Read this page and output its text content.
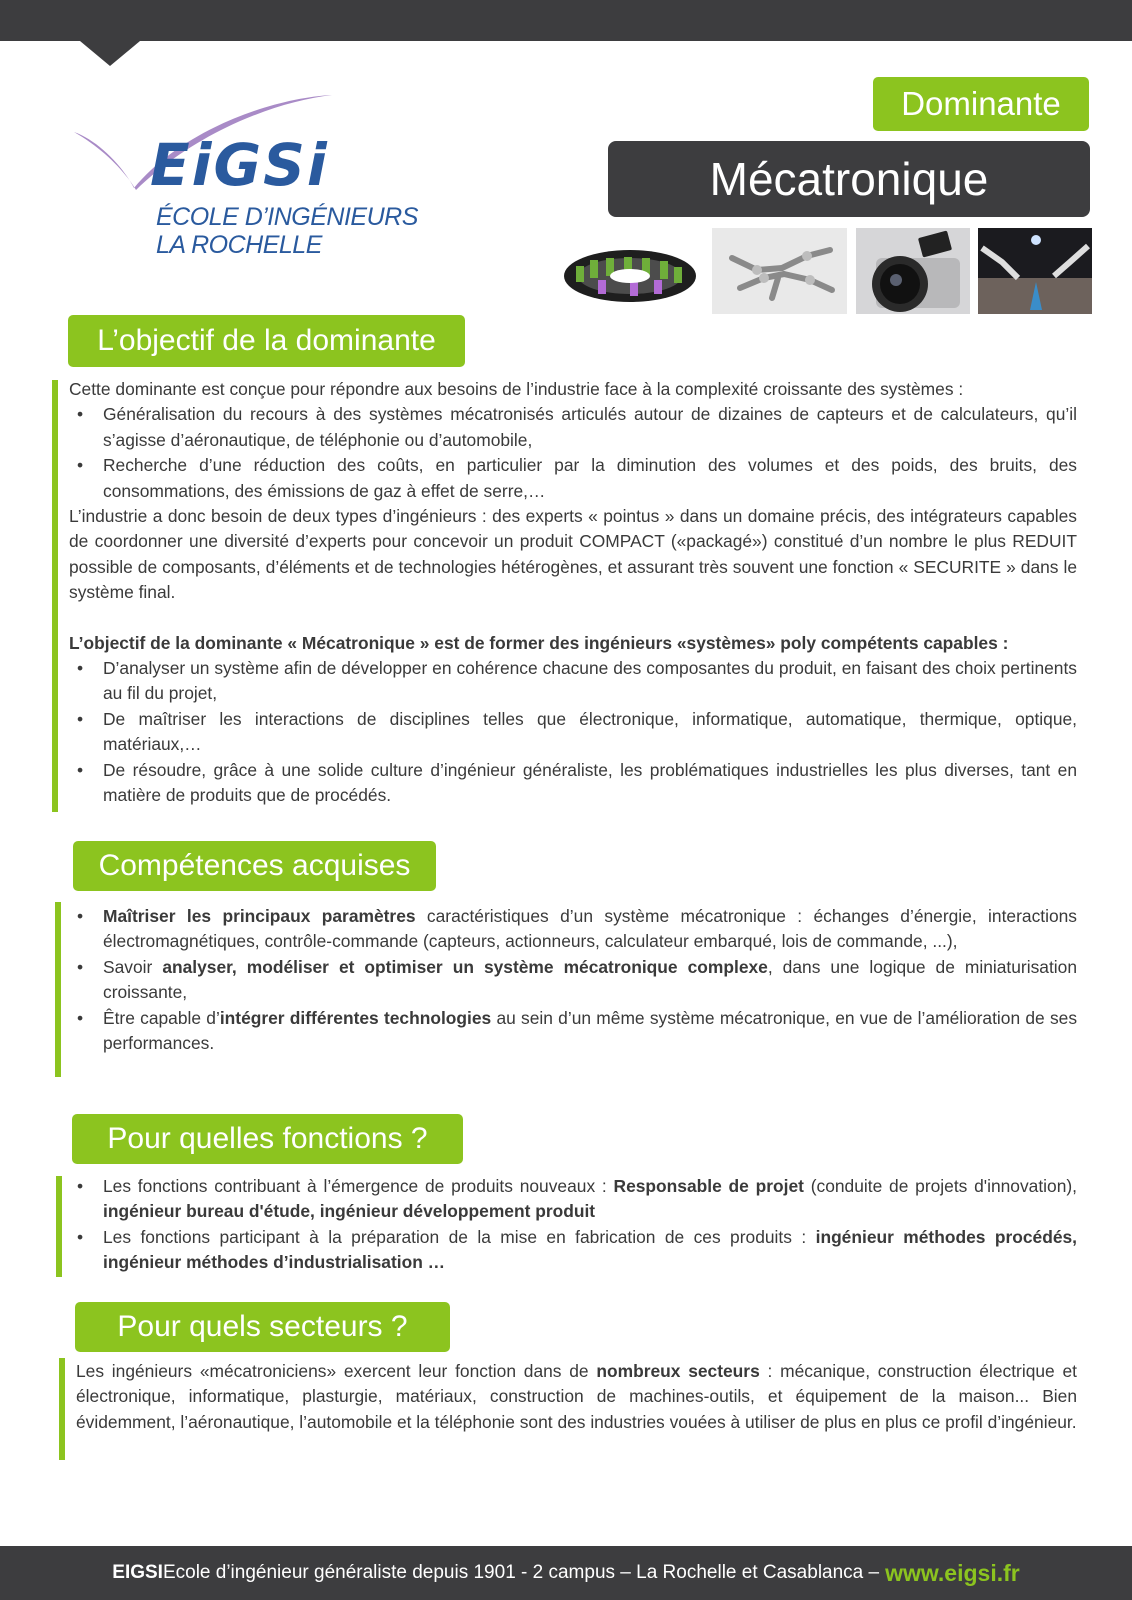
EiGSi
ÉCOLE D’INGÉNIEURS
LA ROCHELLE
Dominante
Mécatronique
L’objectif de la dominante

Cette dominante est conçue pour répondre aux besoins de l’industrie face à la complexité croissante des systèmes :

• Généralisation du recours à des systèmes mécatronisés articulés autour de dizaines de capteurs et de calculateurs, qu’il s’agisse d’aéronautique, de téléphonie ou d’automobile,
• Recherche d’une réduction des coûts, en particulier par la diminution des volumes et des poids, des bruits, des consommations, des émissions de gaz à effet de serre,…

L’industrie a donc besoin de deux types d’ingénieurs : des experts « pointus » dans un domaine précis, des intégrateurs capables de coordonner une diversité d’experts pour concevoir un produit COMPACT («packagé») constitué d’un nombre le plus REDUIT possible de composants, d’éléments et de technologies hétérogènes, et assurant très souvent une fonction « SECURITE » dans le système final.

L’objectif de la dominante « Mécatronique » est de former des ingénieurs «systèmes» poly compétents capables :

• D’analyser un système afin de développer en cohérence chacune des composantes du produit, en faisant des choix pertinents au fil du projet,
• De maîtriser les interactions de disciplines telles que électronique, informatique, automatique, thermique, optique, matériaux,…
• De résoudre, grâce à une solide culture d’ingénieur généraliste, les problématiques industrielles les plus diverses, tant en matière de produits que de procédés.
Compétences acquises
• Maîtriser les principaux paramètres caractéristiques d’un système mécatronique : échanges d’énergie, interactions électromagnétiques, contrôle-commande (capteurs, actionneurs, calculateur embarqué, lois de commande, ...),
• Savoir analyser, modéliser et optimiser un système mécatronique complexe, dans une logique de miniaturisation croissante,
• Être capable d’intégrer différentes technologies au sein d’un même système mécatronique, en vue de l’amélioration de ses performances.
Pour quelles fonctions ?
• Les fonctions contribuant à l’émergence de produits nouveaux : Responsable de projet (conduite de projets d'innovation), ingénieur bureau d'étude, ingénieur développement produit
• Les fonctions participant à la préparation de la mise en fabrication de ces produits : ingénieur méthodes procédés, ingénieur méthodes d’industrialisation …
Pour quels secteurs ?

Les ingénieurs «mécatroniciens» exercent leur fonction dans de nombreux secteurs : mécanique, construction électrique et électronique, informatique, plasturgie, matériaux, construction de machines-outils, et équipement de la maison... Bien évidemment, l’aéronautique, l’automobile et la téléphonie sont des industries vouées à utiliser de plus en plus ce profil d’ingénieur.

EIGSI Ecole d’ingénieur généraliste depuis 1901 - 2 campus – La Rochelle et Casablanca – www.eigsi.fr
